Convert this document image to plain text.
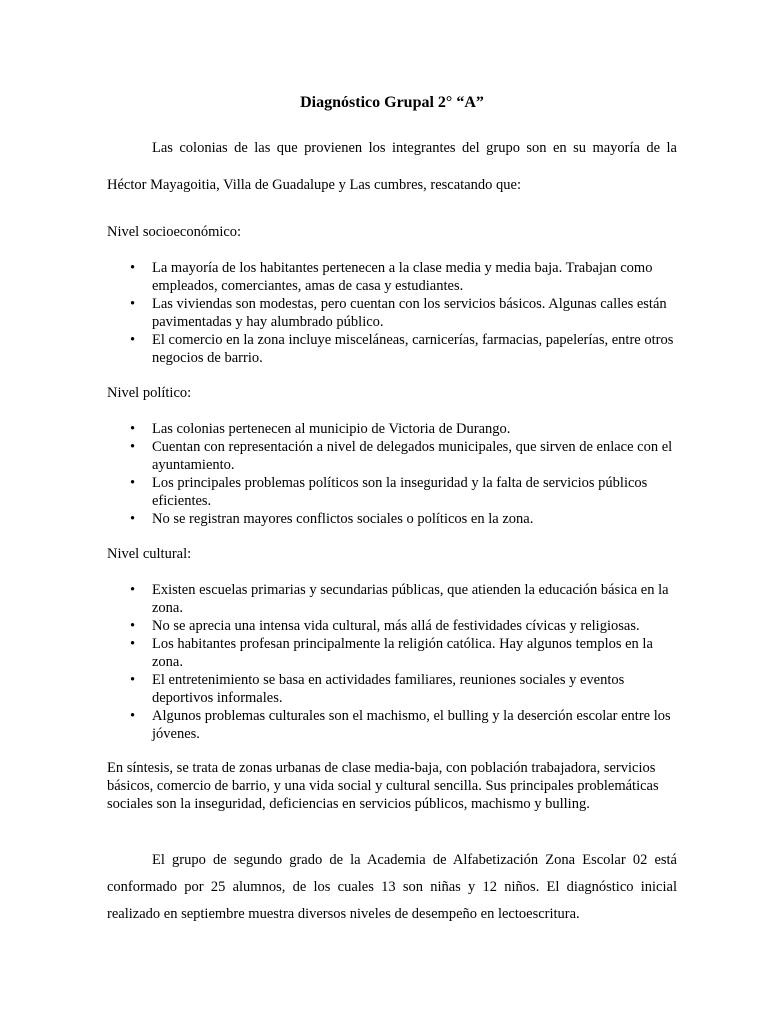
Diagnóstico Grupal 2° “A”

Las colonias de las que provienen los integrantes del grupo son en su mayoría de la Héctor Mayagoitia, Villa de Guadalupe y Las cumbres, rescatando que:

Nivel socioeconómico:

• La mayoría de los habitantes pertenecen a la clase media y media baja. Trabajan como empleados, comerciantes, amas de casa y estudiantes.
• Las viviendas son modestas, pero cuentan con los servicios básicos. Algunas calles están pavimentadas y hay alumbrado público.
• El comercio en la zona incluye misceláneas, carnicerías, farmacias, papelerías, entre otros negocios de barrio.

Nivel político:

• Las colonias pertenecen al municipio de Victoria de Durango.
• Cuentan con representación a nivel de delegados municipales, que sirven de enlace con el ayuntamiento.
• Los principales problemas políticos son la inseguridad y la falta de servicios públicos eficientes.
• No se registran mayores conflictos sociales o políticos en la zona.

Nivel cultural:

• Existen escuelas primarias y secundarias públicas, que atienden la educación básica en la zona.
• No se aprecia una intensa vida cultural, más allá de festividades cívicas y religiosas.
• Los habitantes profesan principalmente la religión católica. Hay algunos templos en la zona.
• El entretenimiento se basa en actividades familiares, reuniones sociales y eventos deportivos informales.
• Algunos problemas culturales son el machismo, el bulling y la deserción escolar entre los jóvenes.

En síntesis, se trata de zonas urbanas de clase media-baja, con población trabajadora, servicios básicos, comercio de barrio, y una vida social y cultural sencilla. Sus principales problemáticas sociales son la inseguridad, deficiencias en servicios públicos, machismo y bulling.

El grupo de segundo grado de la Academia de Alfabetización Zona Escolar 02 está conformado por 25 alumnos, de los cuales 13 son niñas y 12 niños. El diagnóstico inicial realizado en septiembre muestra diversos niveles de desempeño en lectoescritura.
